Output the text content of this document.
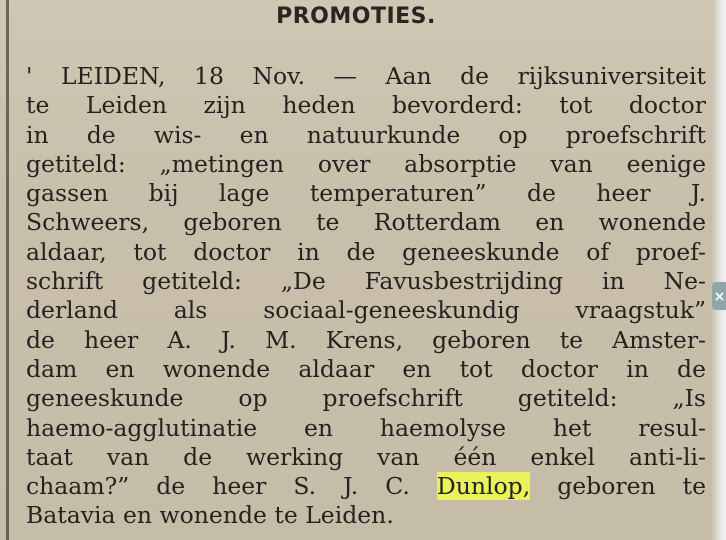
PROMOTIES.
' LEIDEN, 18 Nov. — Aan de rijksuniversiteit
te Leiden zijn heden bevorderd: tot doctor
in de wis- en natuurkunde op proefschrift
getiteld: „metingen over absorptie van eenige
gassen bij lage temperaturen” de heer J.
Schweers, geboren te Rotterdam en wonende
aldaar, tot doctor in de geneeskunde of proef-
schrift getiteld: „De Favusbestrijding in Ne-
derland als sociaal-geneeskundig vraagstuk”
de heer A. J. M. Krens, geboren te Amster-
dam en wonende aldaar en tot doctor in de
geneeskunde op proefschrift getiteld: „Is
haemo-agglutinatie en haemolyse het resul-
taat van de werking van één enkel anti-li-
chaam?” de heer S. J. C. Dunlop, geboren te
Batavia en wonende te Leiden.
